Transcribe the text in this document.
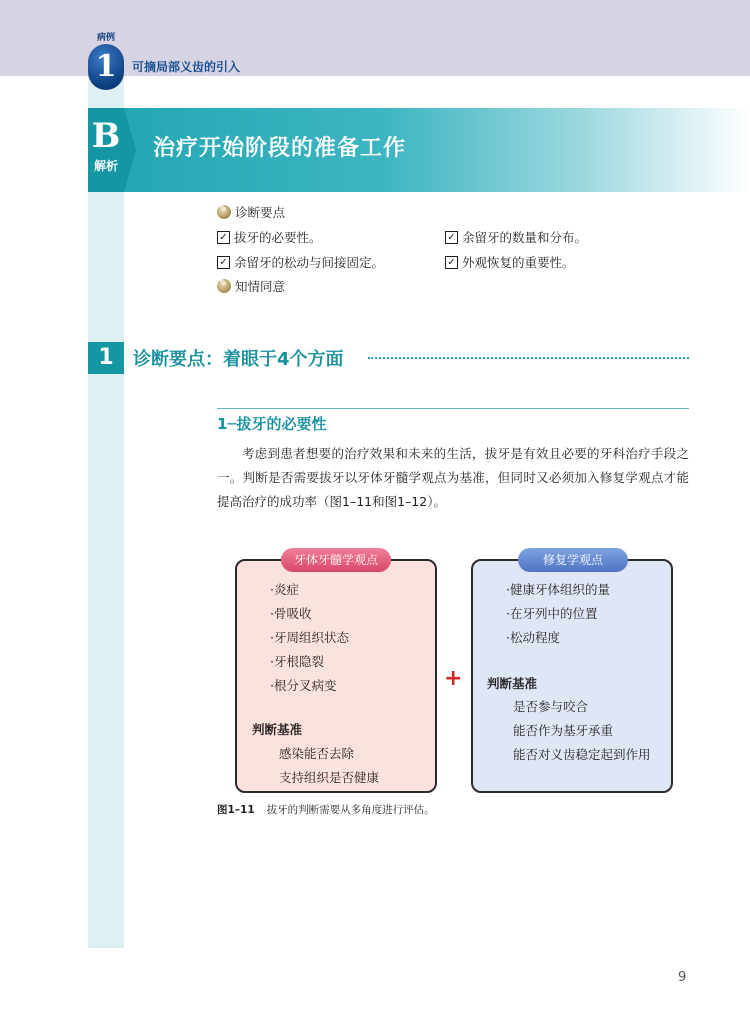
病例
1	可摘局部义齿的引入
B
解析
治疗开始阶段的准备工作
✎
诊断要点
✓ 拔牙的必要性。	✓ 余留牙的数量和分布。
✓ 余留牙的松动与间接固定。	✓ 外观恢复的重要性。
✎
知情同意
1	诊断要点：着眼于4个方面
1─拔牙的必要性
考虑到患者想要的治疗效果和未来的生活，拔牙是有效且必要的牙科治疗手段之一。判断是否需要拔牙以牙体牙髓学观点为基准，但同时又必须加入修复学观点才能提高治疗的成功率（图1–11和图1–12）。
牙体牙髓学观点
·炎症
·骨吸收
·牙周组织状态
·牙根隐裂
·根分叉病变
判断基准
感染能否去除
支持组织是否健康
+
修复学观点
·健康牙体组织的量
·在牙列中的位置
·松动程度
判断基准
是否参与咬合
能否作为基牙承重
能否对义齿稳定起到作用
图1–11 拔牙的判断需要从多角度进行评估。
9
